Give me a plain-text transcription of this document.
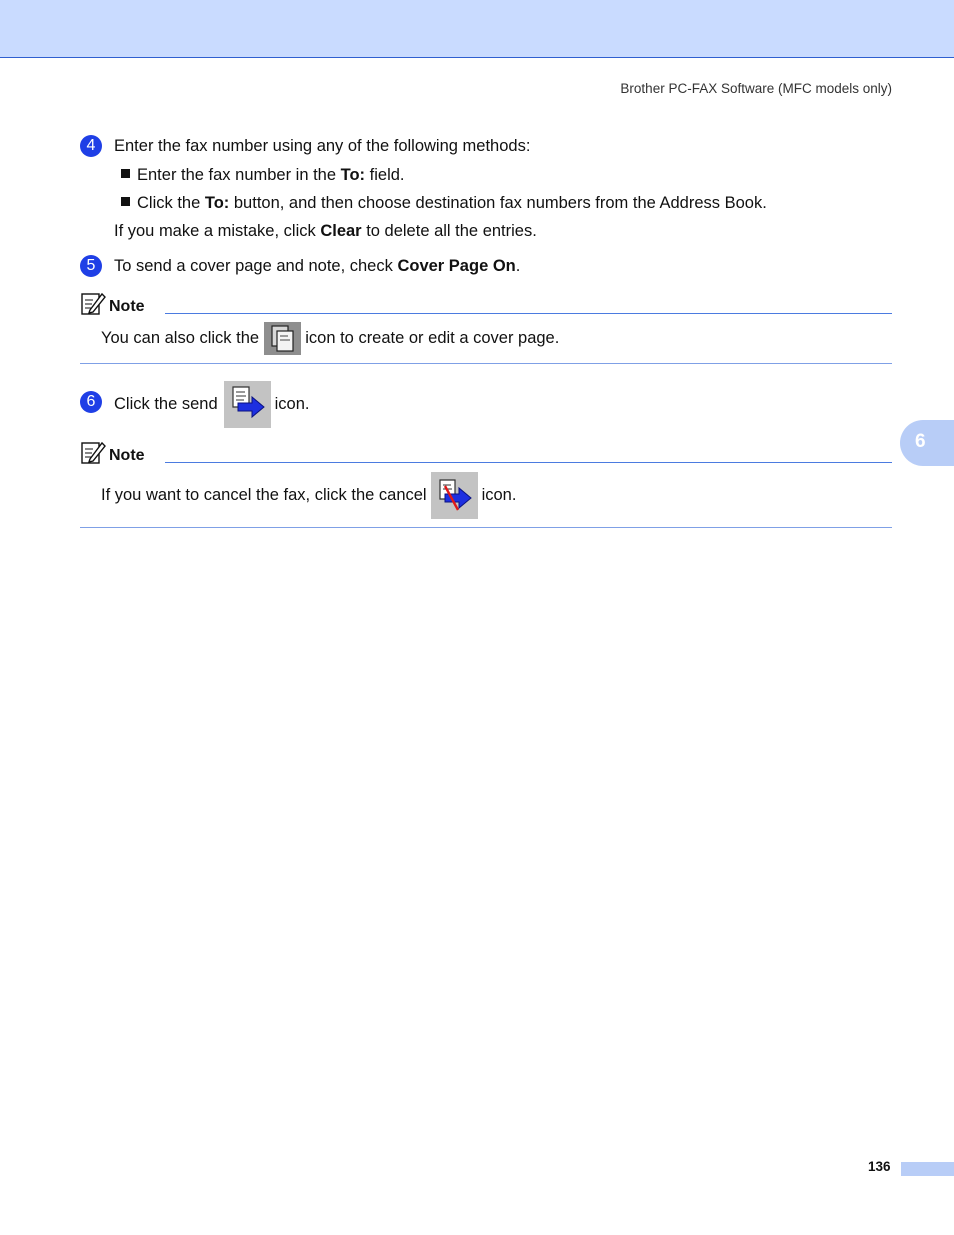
Brother PC-FAX Software (MFC models only)
4	Enter the fax number using any of the following methods:
Enter the fax number in the To: field.
Click the To: button, and then choose destination fax numbers from the Address Book.
If you make a mistake, click Clear to delete all the entries.
5	To send a cover page and note, check Cover Page On.
Note
You can also click the  icon to create or edit a cover page.
6	Click the send	icon.
Note
If you want to cancel the fax, click the cancel	icon.
6
136
